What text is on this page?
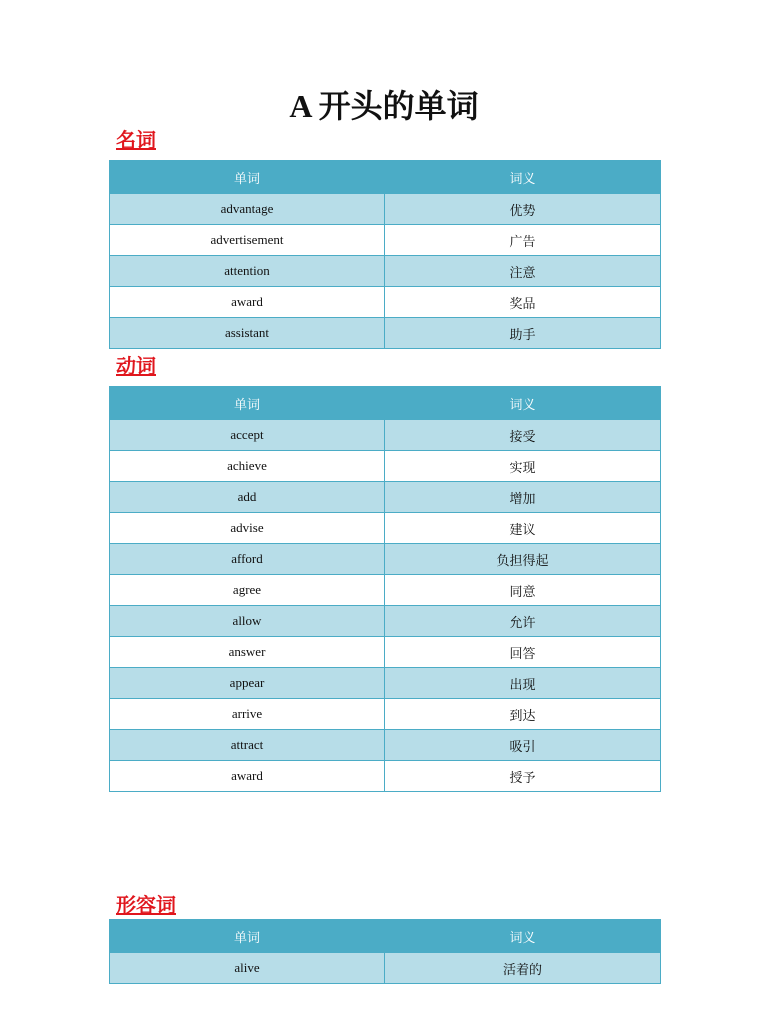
A 开头的单词
名词
单词	词义
advantage	优势
advertisement	广告
attention	注意
award	奖品
assistant	助手
动词
单词	词义
accept	接受
achieve	实现
add	增加
advise	建议
afford	负担得起
agree	同意
allow	允许
answer	回答
appear	出现
arrive	到达
attract	吸引
award	授予
形容词
单词	词义
alive	活着的
